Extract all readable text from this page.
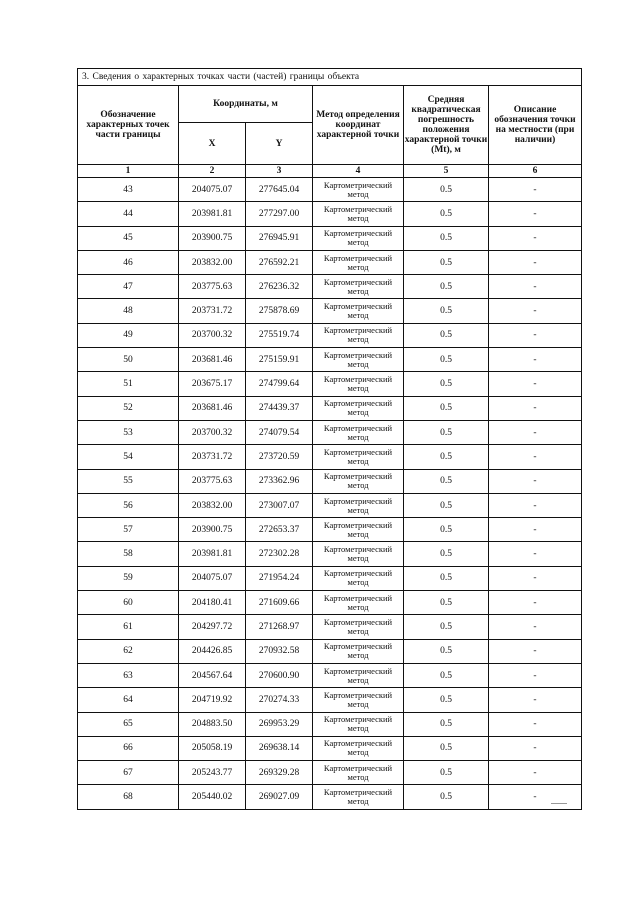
3. Сведения о характерных точках части (частей) границы объекта					
Обозначение характерных точек части границы	Координаты, м		Метод определения координат характерной точки	Средняя квадратическая погрешность положения характерной точки (Mt), м	Описание обозначения точки на местности (при наличии)
	X	Y			
1	2	3	4	5	6
43	204075.07	277645.04	Картометрический метод	0.5	-
44	203981.81	277297.00	Картометрический метод	0.5	-
45	203900.75	276945.91	Картометрический метод	0.5	-
46	203832.00	276592.21	Картометрический метод	0.5	-
47	203775.63	276236.32	Картометрический метод	0.5	-
48	203731.72	275878.69	Картометрический метод	0.5	-
49	203700.32	275519.74	Картометрический метод	0.5	-
50	203681.46	275159.91	Картометрический метод	0.5	-
51	203675.17	274799.64	Картометрический метод	0.5	-
52	203681.46	274439.37	Картометрический метод	0.5	-
53	203700.32	274079.54	Картометрический метод	0.5	-
54	203731.72	273720.59	Картометрический метод	0.5	-
55	203775.63	273362.96	Картометрический метод	0.5	-
56	203832.00	273007.07	Картометрический метод	0.5	-
57	203900.75	272653.37	Картометрический метод	0.5	-
58	203981.81	272302.28	Картометрический метод	0.5	-
59	204075.07	271954.24	Картометрический метод	0.5	-
60	204180.41	271609.66	Картометрический метод	0.5	-
61	204297.72	271268.97	Картометрический метод	0.5	-
62	204426.85	270932.58	Картометрический метод	0.5	-
63	204567.64	270600.90	Картометрический метод	0.5	-
64	204719.92	270274.33	Картометрический метод	0.5	-
65	204883.50	269953.29	Картометрический метод	0.5	-
66	205058.19	269638.14	Картометрический метод	0.5	-
67	205243.77	269329.28	Картометрический метод	0.5	-
68	205440.02	269027.09	Картометрический метод	0.5	-
